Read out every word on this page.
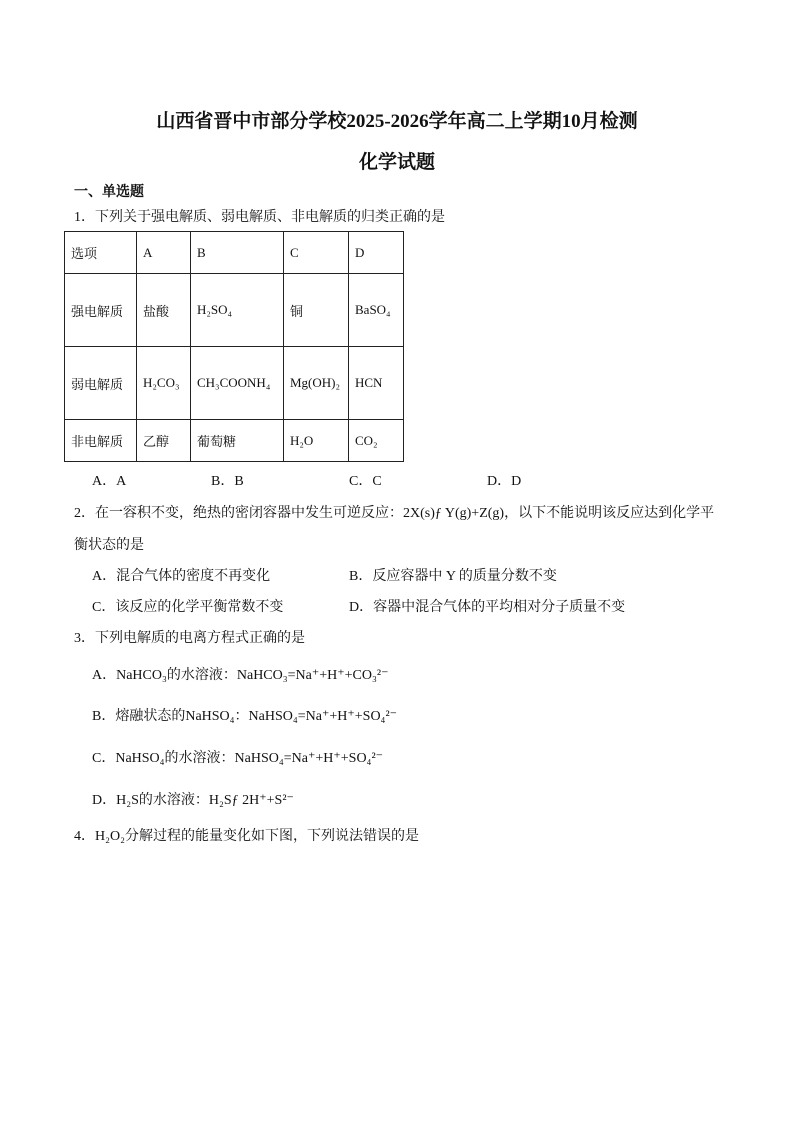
山西省晋中市部分学校2025-2026学年高二上学期10月检测
化学试题
一、单选题
1．下列关于强电解质、弱电解质、非电解质的归类正确的是
选项	A	B	C	D
强电解质	盐酸	H₂SO₄	铜	BaSO₄
弱电解质	H₂CO₃	CH₃COONH₄	Mg(OH)₂	HCN
非电解质	乙醇	葡萄糖	H₂O	CO₂
A．A	B．B	C．C	D．D
2．在一容积不变，绝热的密闭容器中发生可逆反应：2X(s)ƒ Y(g)+Z(g)，以下不能说明该反应达到化学平
衡状态的是
A．混合气体的密度不再变化	B．反应容器中 Y 的质量分数不变
C．该反应的化学平衡常数不变	D．容器中混合气体的平均相对分子质量不变
3．下列电解质的电离方程式正确的是
A．NaHCO₃的水溶液：NaHCO₃=Na⁺+H⁺+CO₃²⁻
B．熔融状态的NaHSO₄：NaHSO₄=Na⁺+H⁺+SO₄²⁻
C．NaHSO₄的水溶液：NaHSO₄=Na⁺+H⁺+SO₄²⁻
D．H₂S的水溶液：H₂Sƒ 2H⁺+S²⁻
4．H₂O₂分解过程的能量变化如下图，下列说法错误的是
